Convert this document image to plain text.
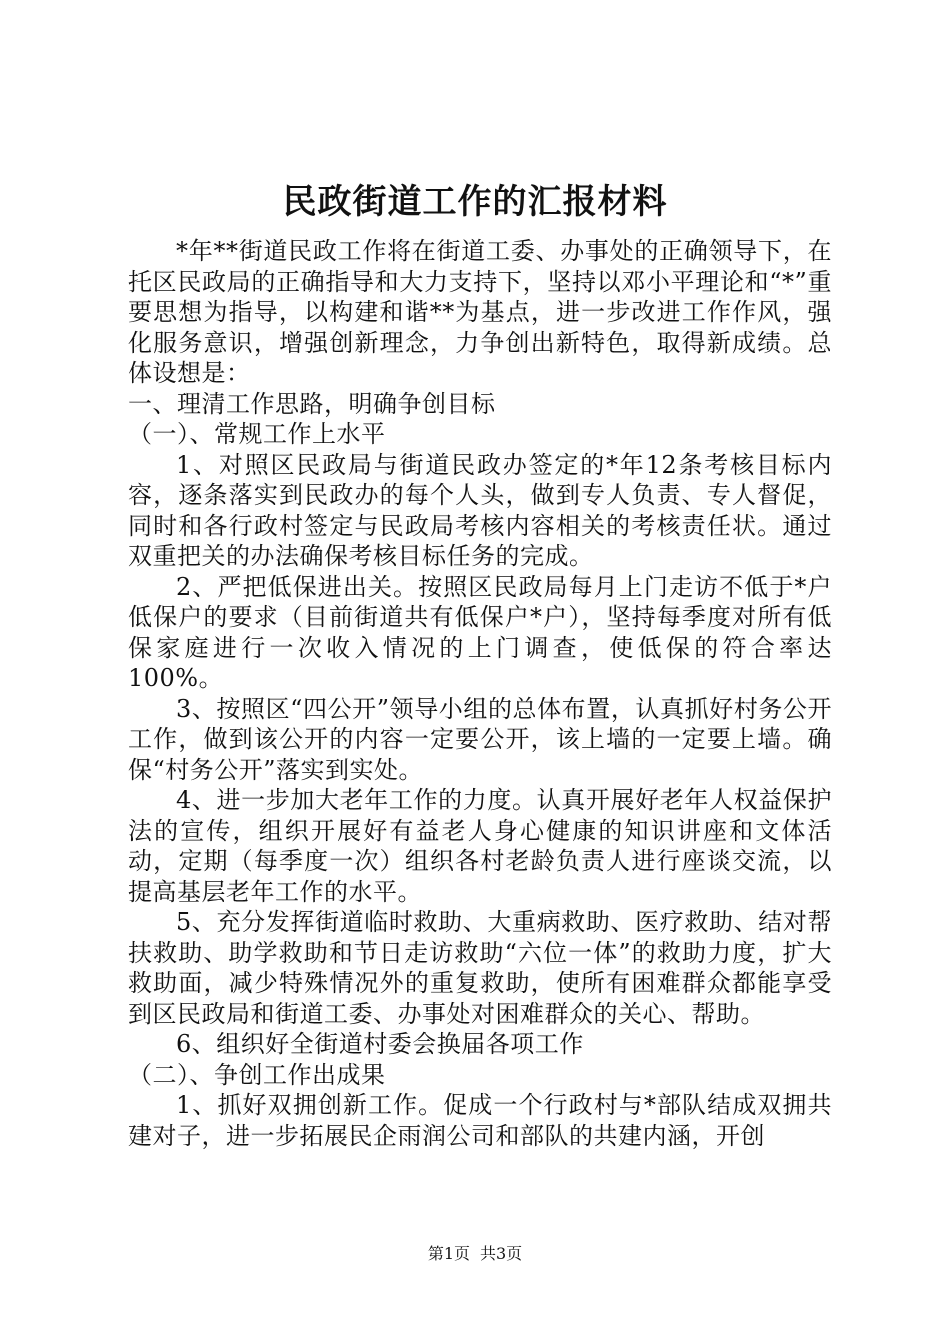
民政街道工作的汇报材料

*年**街道民政工作将在街道工委、办事处的正确领导下，在托区民政局的正确指导和大力支持下，坚持以邓小平理论和“*”重要思想为指导，以构建和谐**为基点，进一步改进工作作风，强化服务意识，增强创新理念，力争创出新特色，取得新成绩。总体设想是：

一、理清工作思路，明确争创目标

（一）、常规工作上水平

1、对照区民政局与街道民政办签定的*年12条考核目标内容，逐条落实到民政办的每个人头，做到专人负责、专人督促，同时和各行政村签定与民政局考核内容相关的考核责任状。通过双重把关的办法确保考核目标任务的完成。

2、严把低保进出关。按照区民政局每月上门走访不低于*户低保户的要求（目前街道共有低保户*户），坚持每季度对所有低保家庭进行一次收入情况的上门调查，使低保的符合率达100%。

3、按照区“四公开”领导小组的总体布置，认真抓好村务公开工作，做到该公开的内容一定要公开，该上墙的一定要上墙。确保“村务公开”落实到实处。

4、进一步加大老年工作的力度。认真开展好老年人权益保护法的宣传，组织开展好有益老人身心健康的知识讲座和文体活动，定期（每季度一次）组织各村老龄负责人进行座谈交流，以提高基层老年工作的水平。

5、充分发挥街道临时救助、大重病救助、医疗救助、结对帮扶救助、助学救助和节日走访救助“六位一体”的救助力度，扩大救助面，减少特殊情况外的重复救助，使所有困难群众都能享受到区民政局和街道工委、办事处对困难群众的关心、帮助。

6、组织好全街道村委会换届各项工作

（二）、争创工作出成果

1、抓好双拥创新工作。促成一个行政村与*部队结成双拥共建对子，进一步拓展民企雨润公司和部队的共建内涵，开创

第1页 共3页
